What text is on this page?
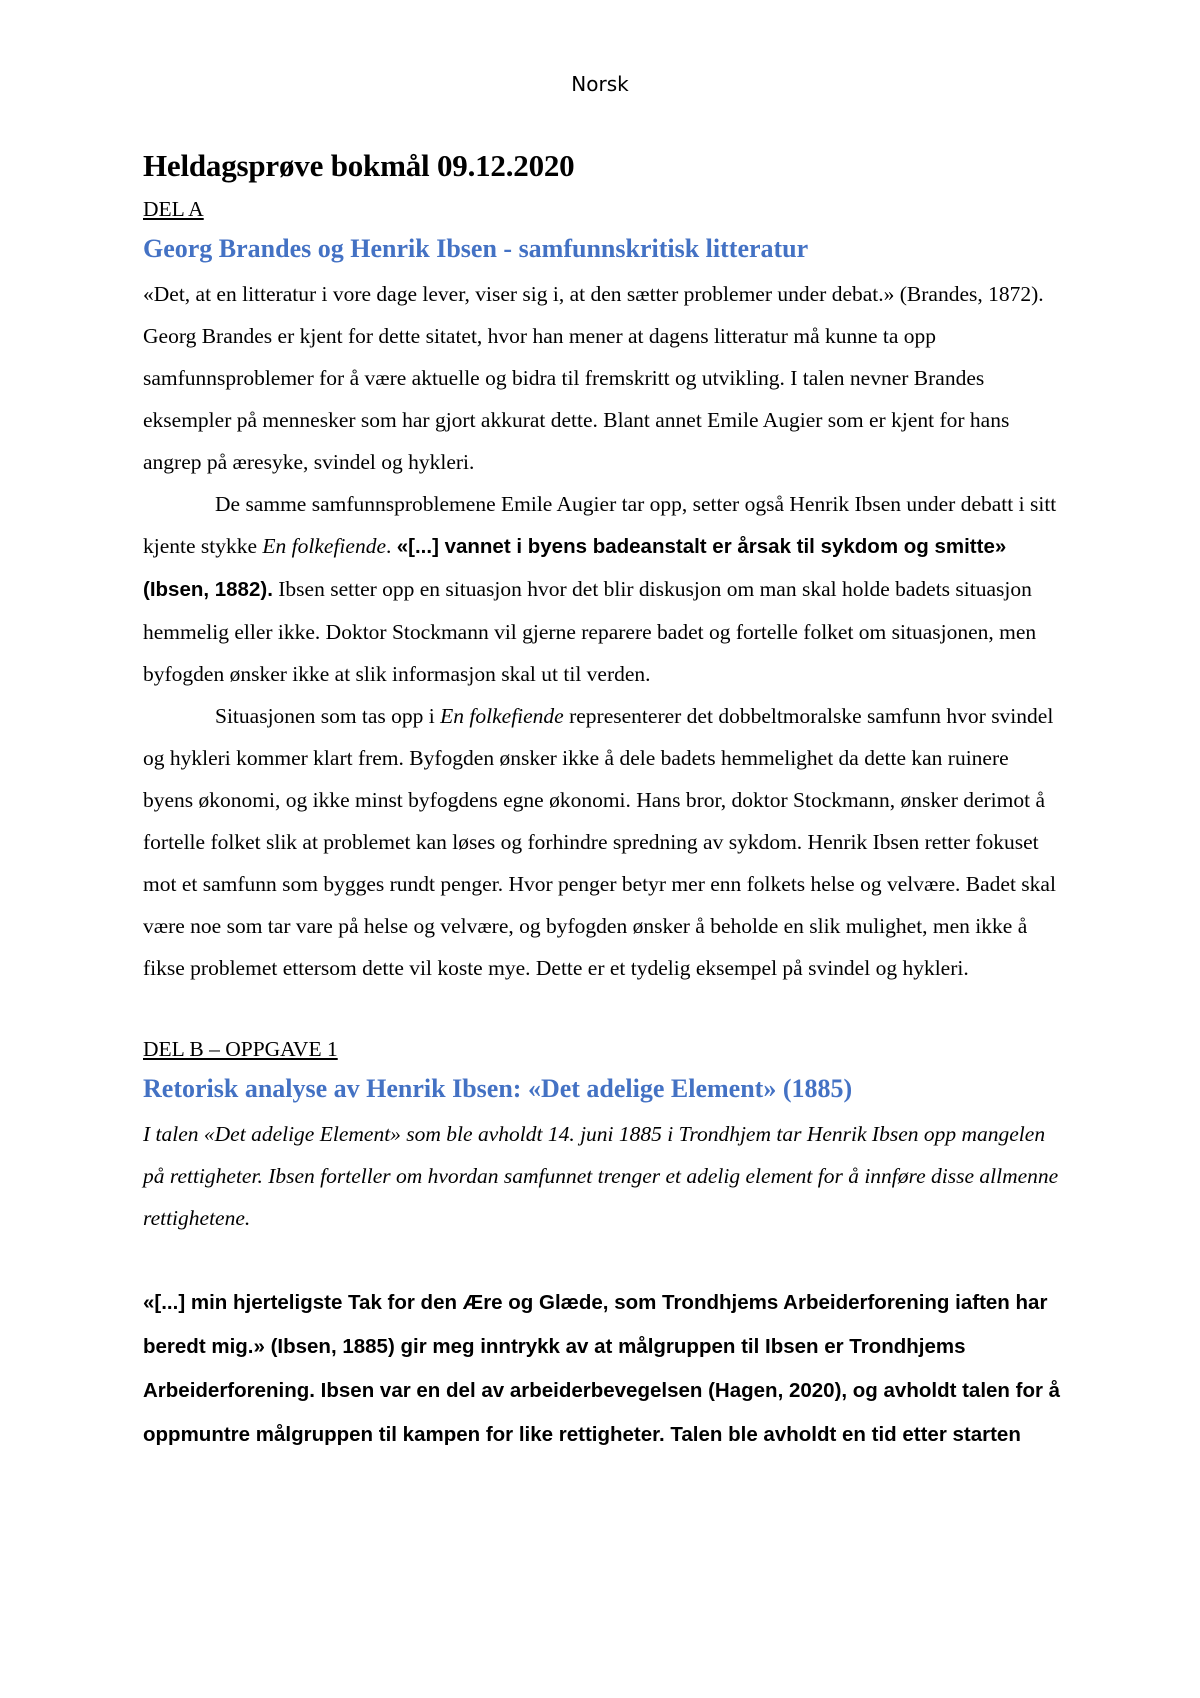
Norsk
Heldagsprøve bokmål 09.12.2020

DEL A

Georg Brandes og Henrik Ibsen - samfunnskritisk litteratur

«Det, at en litteratur i vore dage lever, viser sig i, at den sætter problemer under debat.» (Brandes, 1872). Georg Brandes er kjent for dette sitatet, hvor han mener at dagens litteratur må kunne ta opp samfunnsproblemer for å være aktuelle og bidra til fremskritt og utvikling. I talen nevner Brandes eksempler på mennesker som har gjort akkurat dette. Blant annet Emile Augier som er kjent for hans angrep på æresyke, svindel og hykleri.

De samme samfunnsproblemene Emile Augier tar opp, setter også Henrik Ibsen under debatt i sitt kjente stykke En folkefiende. «[...] vannet i byens badeanstalt er årsak til sykdom og smitte» (Ibsen, 1882). Ibsen setter opp en situasjon hvor det blir diskusjon om man skal holde badets situasjon hemmelig eller ikke. Doktor Stockmann vil gjerne reparere badet og fortelle folket om situasjonen, men byfogden ønsker ikke at slik informasjon skal ut til verden.

Situasjonen som tas opp i En folkefiende representerer det dobbeltmoralske samfunn hvor svindel og hykleri kommer klart frem. Byfogden ønsker ikke å dele badets hemmelighet da dette kan ruinere byens økonomi, og ikke minst byfogdens egne økonomi. Hans bror, doktor Stockmann, ønsker derimot å fortelle folket slik at problemet kan løses og forhindre spredning av sykdom. Henrik Ibsen retter fokuset mot et samfunn som bygges rundt penger. Hvor penger betyr mer enn folkets helse og velvære. Badet skal være noe som tar vare på helse og velvære, og byfogden ønsker å beholde en slik mulighet, men ikke å fikse problemet ettersom dette vil koste mye. Dette er et tydelig eksempel på svindel og hykleri.

DEL B – OPPGAVE 1

Retorisk analyse av Henrik Ibsen: «Det adelige Element» (1885)

I talen «Det adelige Element» som ble avholdt 14. juni 1885 i Trondhjem tar Henrik Ibsen opp mangelen på rettigheter. Ibsen forteller om hvordan samfunnet trenger et adelig element for å innføre disse allmenne rettighetene.

«[...] min hjerteligste Tak for den Ære og Glæde, som Trondhjems Arbeiderforening iaften har beredt mig.» (Ibsen, 1885) gir meg inntrykk av at målgruppen til Ibsen er Trondhjems Arbeiderforening. Ibsen var en del av arbeiderbevegelsen (Hagen, 2020), og avholdt talen for å oppmuntre målgruppen til kampen for like rettigheter. Talen ble avholdt en tid etter starten
